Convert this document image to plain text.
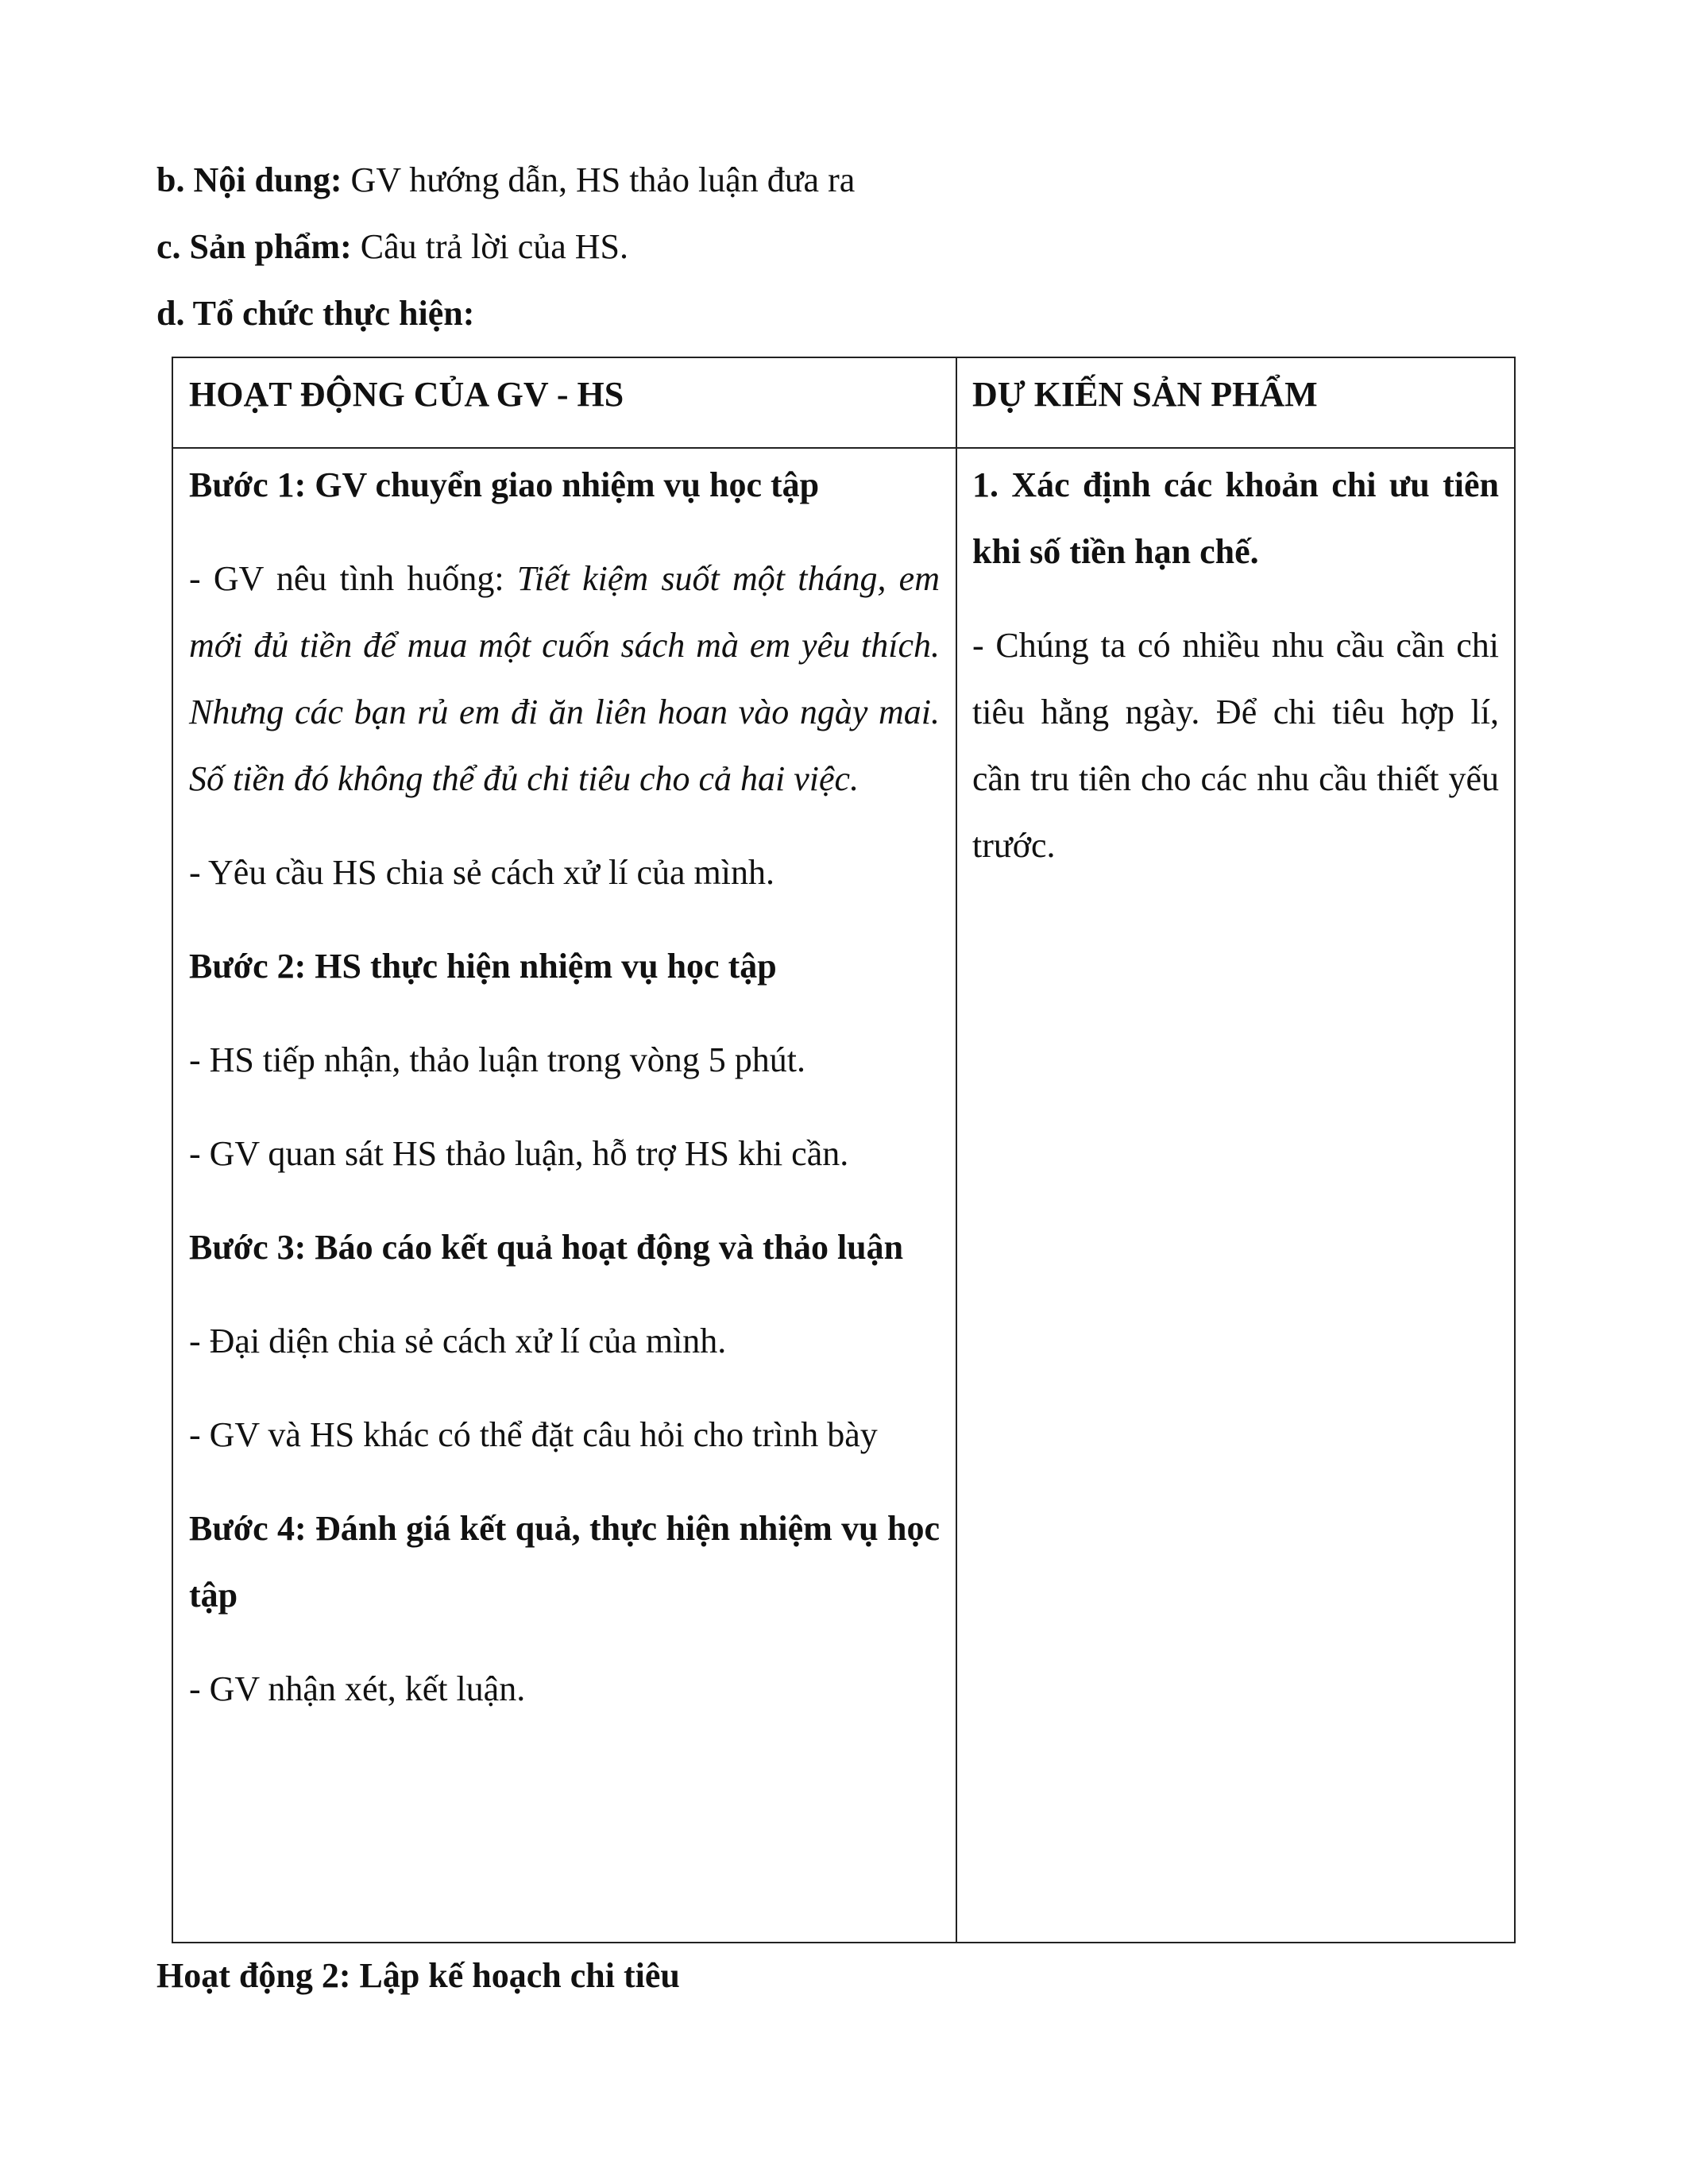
b. Nội dung: GV hướng dẫn, HS thảo luận đưa ra
c. Sản phẩm: Câu trả lời của HS.
d. Tổ chức thực hiện:
HOẠT ĐỘNG CỦA GV - HS	DỰ KIẾN SẢN PHẨM

Bước 1: GV chuyển giao nhiệm vụ học tập

- GV nêu tình huống: Tiết kiệm suốt một tháng, em mới đủ tiền để mua một cuốn sách mà em yêu thích. Nhưng các bạn rủ em đi ăn liên hoan vào ngày mai. Số tiền đó không thể đủ chi tiêu cho cả hai việc.

- Yêu cầu HS chia sẻ cách xử lí của mình.

Bước 2: HS thực hiện nhiệm vụ học tập

- HS tiếp nhận, thảo luận trong vòng 5 phút.

- GV quan sát HS thảo luận, hỗ trợ HS khi cần.

Bước 3: Báo cáo kết quả hoạt động và thảo luận

- Đại diện chia sẻ cách xử lí của mình.

- GV và HS khác có thể đặt câu hỏi cho trình bày

Bước 4: Đánh giá kết quả, thực hiện nhiệm vụ học tập

- GV nhận xét, kết luận.

1. Xác định các khoản chi ưu tiên khi số tiền hạn chế.

- Chúng ta có nhiều nhu cầu cần chi tiêu hằng ngày. Để chi tiêu hợp lí, cần tru tiên cho các nhu cầu thiết yếu trước.

Hoạt động 2: Lập kế hoạch chi tiêu
